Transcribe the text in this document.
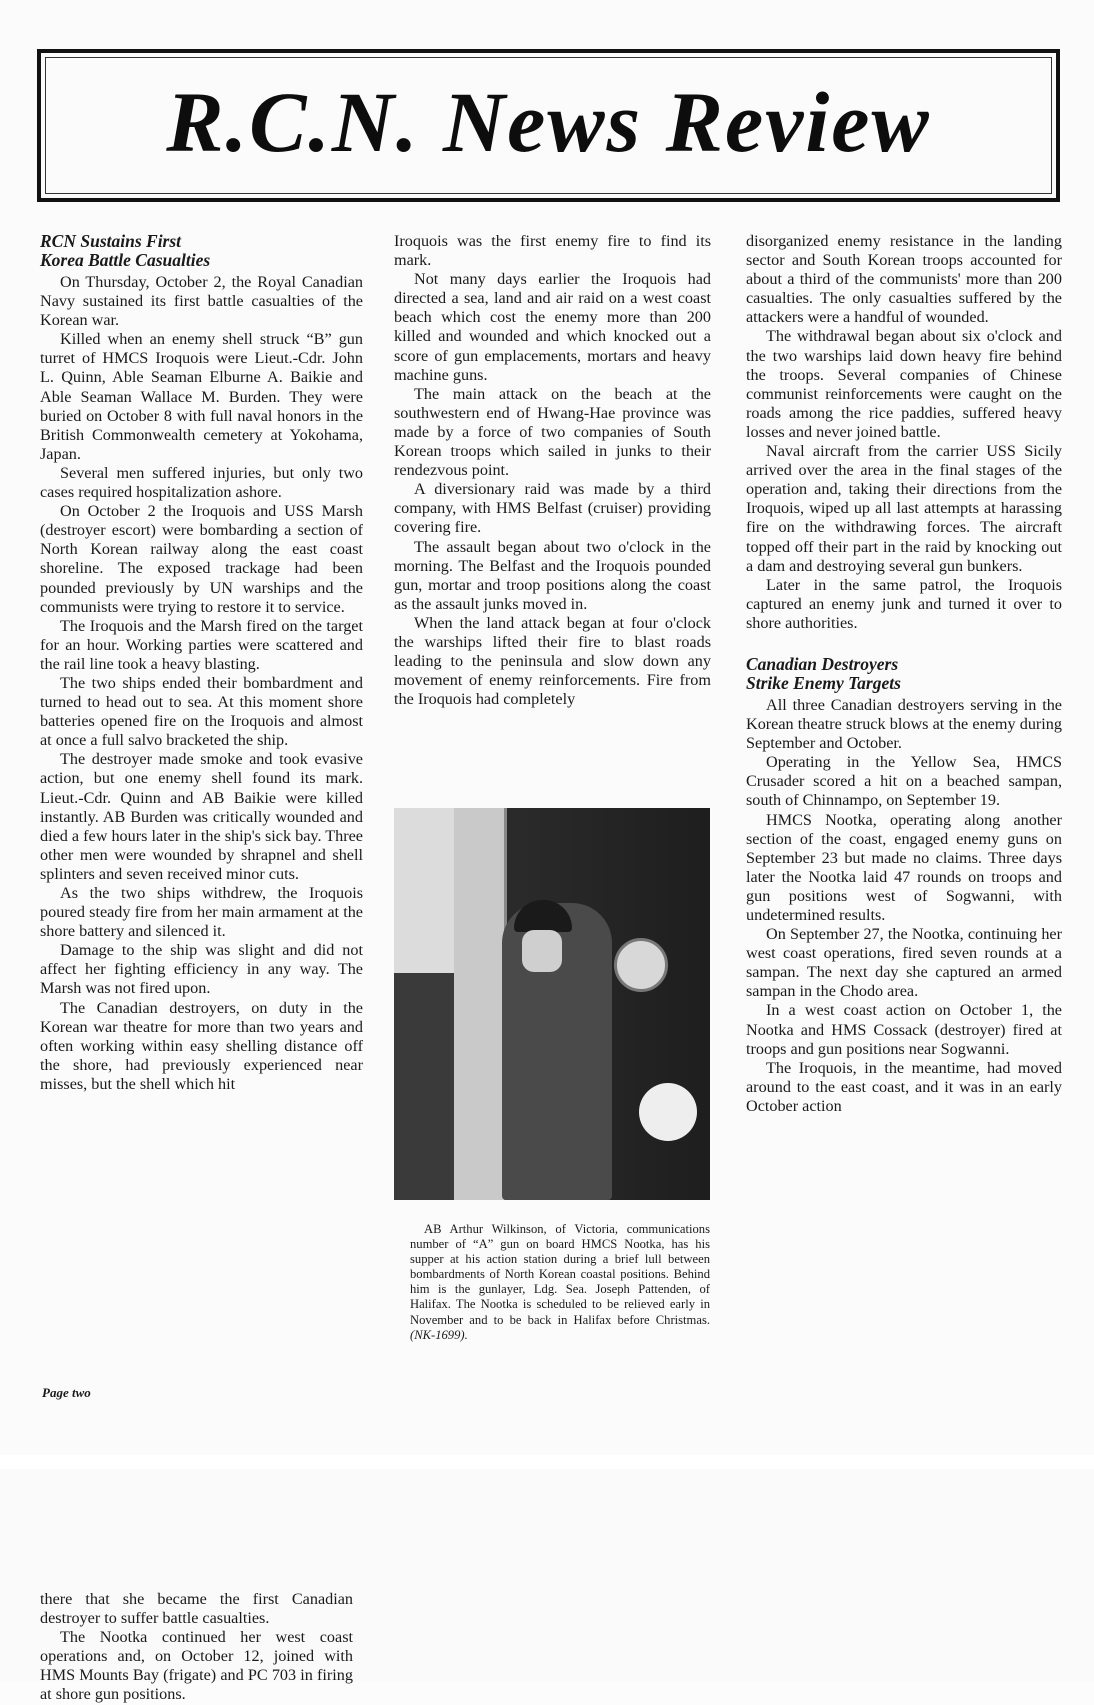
R.C.N. News Review
RCN Sustains First
Korea Battle Casualties

On Thursday, October 2, the Royal Canadian Navy sustained its first battle casualties of the Korean war.

Killed when an enemy shell struck “B” gun turret of HMCS Iroquois were Lieut.-Cdr. John L. Quinn, Able Seaman Elburne A. Baikie and Able Seaman Wallace M. Burden. They were buried on October 8 with full naval honors in the British Commonwealth cemetery at Yokohama, Japan.

Several men suffered injuries, but only two cases required hospitalization ashore.

On October 2 the Iroquois and USS Marsh (destroyer escort) were bombarding a section of North Korean railway along the east coast shoreline. The exposed trackage had been pounded previously by UN warships and the communists were trying to restore it to service.

The Iroquois and the Marsh fired on the target for an hour. Working parties were scattered and the rail line took a heavy blasting.

The two ships ended their bombardment and turned to head out to sea. At this moment shore batteries opened fire on the Iroquois and almost at once a full salvo bracketed the ship.

The destroyer made smoke and took evasive action, but one enemy shell found its mark. Lieut.-Cdr. Quinn and AB Baikie were killed instantly. AB Burden was critically wounded and died a few hours later in the ship's sick bay. Three other men were wounded by shrapnel and shell splinters and seven received minor cuts.

As the two ships withdrew, the Iroquois poured steady fire from her main armament at the shore battery and silenced it.

Damage to the ship was slight and did not affect her fighting efficiency in any way. The Marsh was not fired upon.

The Canadian destroyers, on duty in the Korean war theatre for more than two years and often working within easy shelling distance off the shore, had previously experienced near misses, but the shell which hit

Iroquois was the first enemy fire to find its mark.

Not many days earlier the Iroquois had directed a sea, land and air raid on a west coast beach which cost the enemy more than 200 killed and wounded and which knocked out a score of gun emplacements, mortars and heavy machine guns.

The main attack on the beach at the southwestern end of Hwang-Hae province was made by a force of two companies of South Korean troops which sailed in junks to their rendezvous point.

A diversionary raid was made by a third company, with HMS Belfast (cruiser) providing covering fire.

The assault began about two o'clock in the morning. The Belfast and the Iroquois pounded gun, mortar and troop positions along the coast as the assault junks moved in.

When the land attack began at four o'clock the warships lifted their fire to blast roads leading to the peninsula and slow down any movement of enemy reinforcements. Fire from the Iroquois had completely

AB Arthur Wilkinson, of Victoria, communications number of “A” gun on board HMCS Nootka, has his supper at his action station during a brief lull between bombardments of North Korean coastal positions. Behind him is the gunlayer, Ldg. Sea. Joseph Pattenden, of Halifax. The Nootka is scheduled to be relieved early in November and to be back in Halifax before Christmas. (NK-1699).

disorganized enemy resistance in the landing sector and South Korean troops accounted for about a third of the communists' more than 200 casualties. The only casualties suffered by the attackers were a handful of wounded.

The withdrawal began about six o'clock and the two warships laid down heavy fire behind the troops. Several companies of Chinese communist reinforcements were caught on the roads among the rice paddies, suffered heavy losses and never joined battle.

Naval aircraft from the carrier USS Sicily arrived over the area in the final stages of the operation and, taking their directions from the Iroquois, wiped up all last attempts at harassing fire on the withdrawing forces. The aircraft topped off their part in the raid by knocking out a dam and destroying several gun bunkers.

Later in the same patrol, the Iroquois captured an enemy junk and turned it over to shore authorities.

Canadian Destroyers
Strike Enemy Targets

All three Canadian destroyers serving in the Korean theatre struck blows at the enemy during September and October.

Operating in the Yellow Sea, HMCS Crusader scored a hit on a beached sampan, south of Chinnampo, on September 19.

HMCS Nootka, operating along another section of the coast, engaged enemy guns on September 23 but made no claims. Three days later the Nootka laid 47 rounds on troops and gun positions west of Sogwanni, with undetermined results.

On September 27, the Nootka, continuing her west coast operations, fired seven rounds at a sampan. The next day she captured an armed sampan in the Chodo area.

In a west coast action on October 1, the Nootka and HMS Cossack (destroyer) fired at troops and gun positions near Sogwanni.

The Iroquois, in the meantime, had moved around to the east coast, and it was in an early October action

Page two

there that she became the first Canadian destroyer to suffer battle casualties.

The Nootka continued her west coast operations and, on October 12, joined with HMS Mounts Bay (frigate) and PC 703 in firing at shore gun positions.
